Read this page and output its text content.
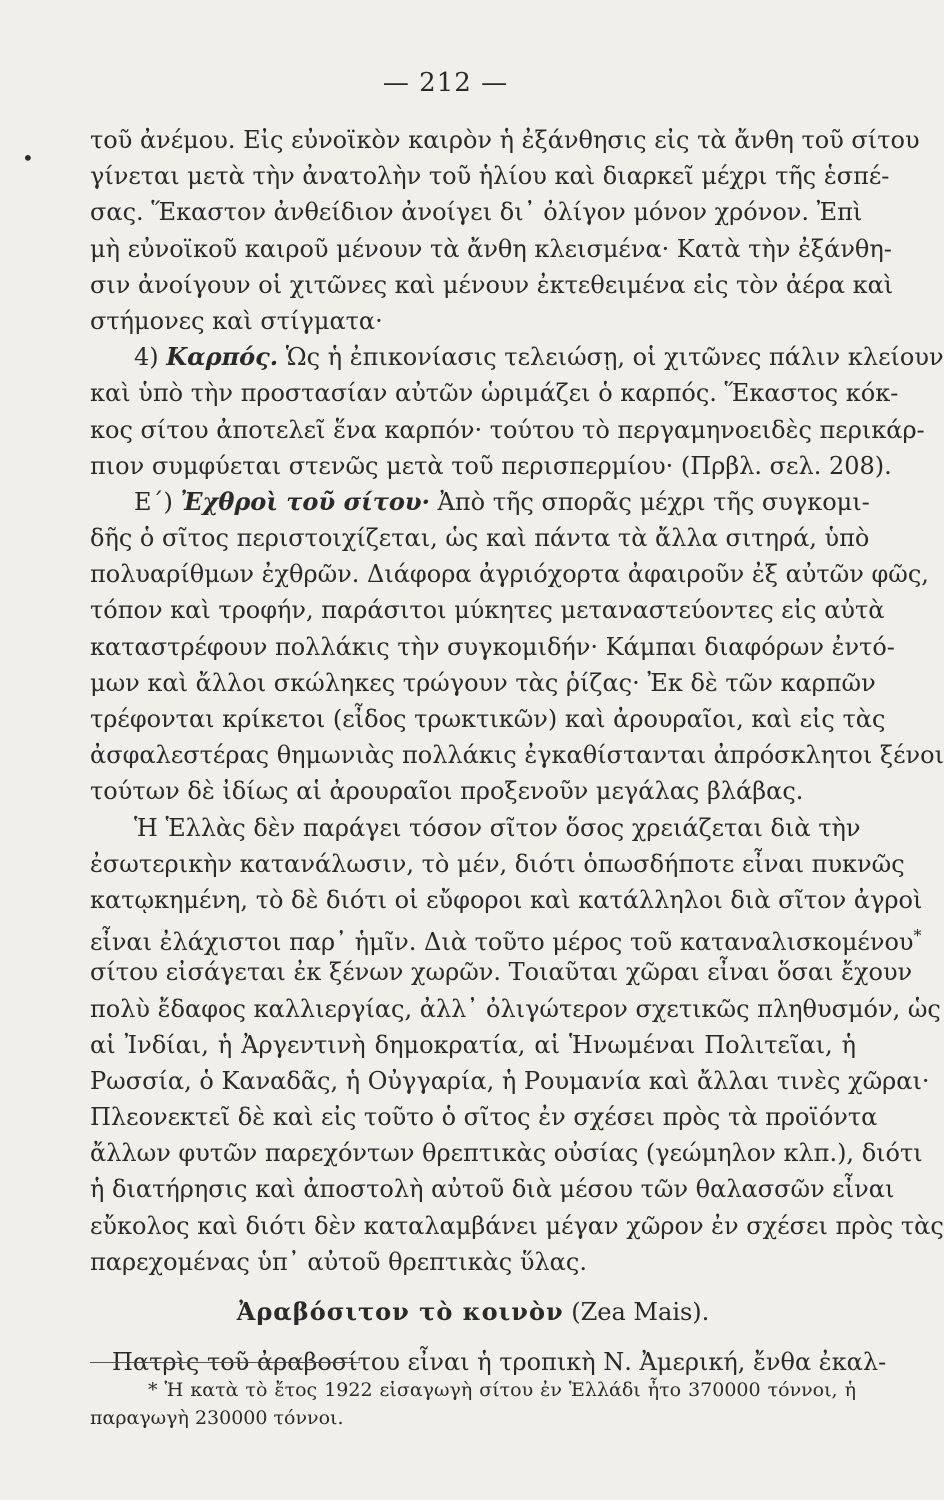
— 212 —
•
τοῦ ἀνέμου. Εἰς εὐνοϊκὸν καιρὸν ἡ ἐξάνθησις εἰς τὰ ἄνθη τοῦ σίτου
γίνεται μετὰ τὴν ἀνατολὴν τοῦ ἡλίου καὶ διαρκεῖ μέχρι τῆς ἑσπέ-
σας. Ἕκαστον ἀνθείδιον ἀνοίγει δι᾽ ὀλίγον μόνον χρόνον. Ἐπὶ
μὴ εὐνοϊκοῦ καιροῦ μένουν τὰ ἄνθη κλεισμένα· Κατὰ τὴν ἐξάνθη-
σιν ἀνοίγουν οἱ χιτῶνες καὶ μένουν ἐκτεθειμένα εἰς τὸν ἀέρα καὶ
στήμονες καὶ στίγματα·
4) Καρπός. Ὡς ἡ ἐπικονίασις τελειώσῃ, οἱ χιτῶνες πάλιν κλείουν
καὶ ὑπὸ τὴν προστασίαν αὐτῶν ὡριμάζει ὁ καρπός. Ἕκαστος κόκ-
κος σίτου ἀποτελεῖ ἕνα καρπόν· τούτου τὸ περγαμηνοειδὲς περικάρ-
πιον συμφύεται στενῶς μετὰ τοῦ περισπερμίου· (Πρβλ. σελ. 208).
Ε΄) Ἐχθροὶ τοῦ σίτου· Ἀπὸ τῆς σπορᾶς μέχρι τῆς συγκομι-
δῆς ὁ σῖτος περιστοιχίζεται, ὡς καὶ πάντα τὰ ἄλλα σιτηρά, ὑπὸ
πολυαρίθμων ἐχθρῶν. Διάφορα ἀγριόχορτα ἀφαιροῦν ἐξ αὐτῶν φῶς,
τόπον καὶ τροφήν, παράσιτοι μύκητες μεταναστεύοντες εἰς αὐτὰ
καταστρέφουν πολλάκις τὴν συγκομιδήν· Κάμπαι διαφόρων ἐντό-
μων καὶ ἄλλοι σκώληκες τρώγουν τὰς ῥίζας· Ἐκ δὲ τῶν καρπῶν
τρέφονται κρίκετοι (εἶδος τρωκτικῶν) καὶ ἀρουραῖοι, καὶ εἰς τὰς
ἀσφαλεστέρας θημωνιὰς πολλάκις ἐγκαθίστανται ἀπρόσκλητοι ξένοι
τούτων δὲ ἰδίως αἱ ἀρουραῖοι προξενοῦν μεγάλας βλάβας.
Ἡ Ἑλλὰς δὲν παράγει τόσον σῖτον ὅσος χρειάζεται διὰ τὴν
ἐσωτερικὴν κατανάλωσιν, τὸ μέν, διότι ὁπωσδήποτε εἶναι πυκνῶς
κατῳκημένη, τὸ δὲ διότι οἱ εὔφοροι καὶ κατάλληλοι διὰ σῖτον ἀγροὶ
εἶναι ἐλάχιστοι παρ᾽ ἡμῖν. Διὰ τοῦτο μέρος τοῦ καταναλισκομένου*
σίτου εἰσάγεται ἐκ ξένων χωρῶν. Τοιαῦται χῶραι εἶναι ὅσαι ἔχουν
πολὺ ἔδαφος καλλιεργίας, ἀλλ᾽ ὀλιγώτερον σχετικῶς πληθυσμόν, ὡς
αἱ Ἰνδίαι, ἡ Ἀργεντινὴ δημοκρατία, αἱ Ἡνωμέναι Πολιτεῖαι, ἡ
Ρωσσία, ὁ Καναδᾶς, ἡ Οὐγγαρία, ἡ Ρουμανία καὶ ἄλλαι τινὲς χῶραι·
Πλεονεκτεῖ δὲ καὶ εἰς τοῦτο ὁ σῖτος ἐν σχέσει πρὸς τὰ προϊόντα
ἄλλων φυτῶν παρεχόντων θρεπτικὰς οὐσίας (γεώμηλον κλπ.), διότι
ἡ διατήρησις καὶ ἀποστολὴ αὐτοῦ διὰ μέσου τῶν θαλασσῶν εἶναι
εὔκολος καὶ διότι δὲν καταλαμβάνει μέγαν χῶρον ἐν σχέσει πρὸς τὰς
παρεχομένας ὑπ᾽ αὐτοῦ θρεπτικὰς ὕλας.
Ἀραβόσιτον τὸ κοινὸν (Zea Mais).
Πατρὶς τοῦ ἀραβοσίτου εἶναι ἡ τροπικὴ Ν. Ἀμερική, ἔνθα ἐκαλ-
* Ἡ κατὰ τὸ ἔτος 1922 εἰσαγωγὴ σίτου ἐν Ἑλλάδι ἦτο 370000 τόννοι, ἡ
παραγωγὴ 230000 τόννοι.
